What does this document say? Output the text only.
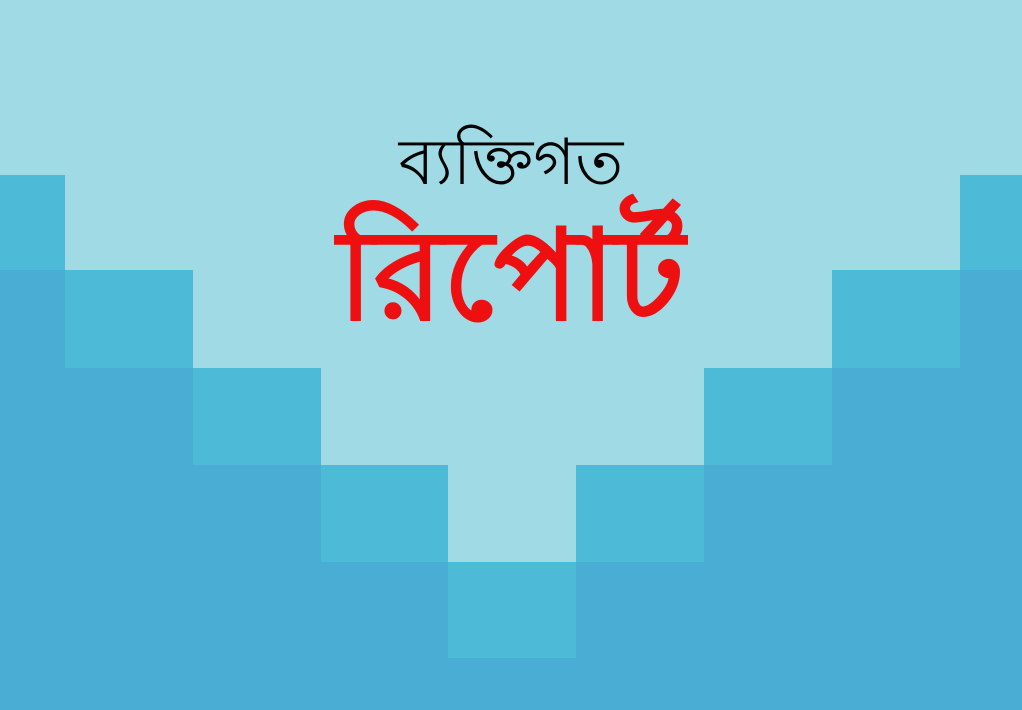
ব্যক্তিগত
রিপোর্ট
